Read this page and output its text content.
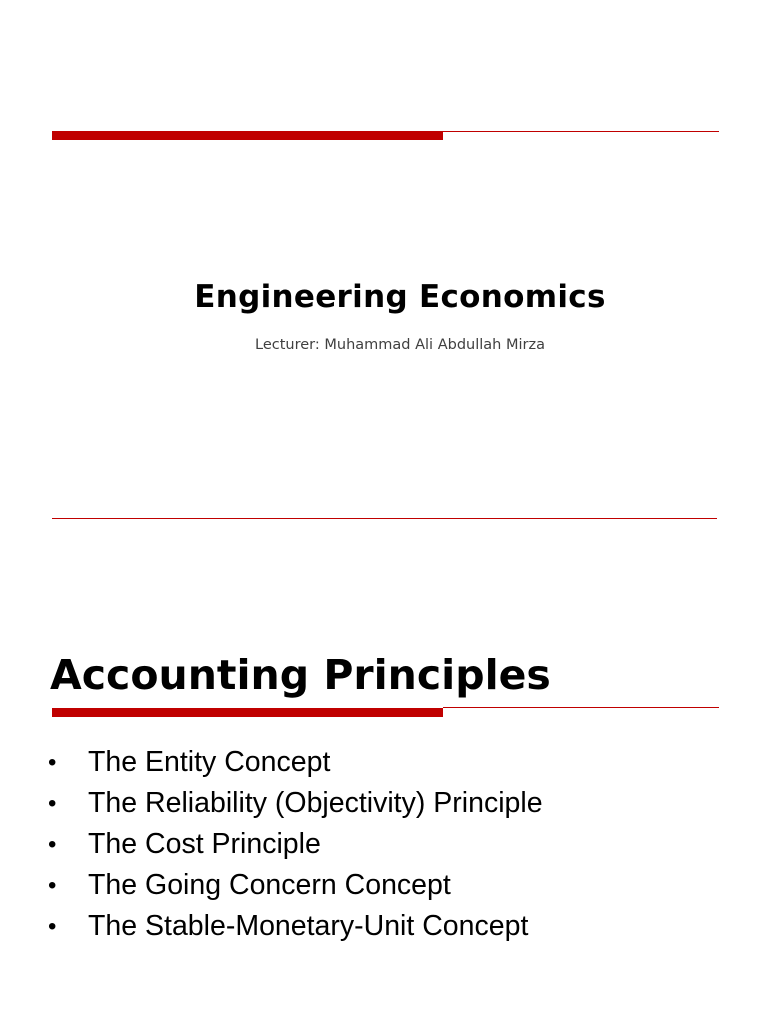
Engineering Economics
Lecturer: Muhammad Ali Abdullah Mirza
Accounting Principles
•	The Entity Concept
•	The Reliability (Objectivity) Principle
•	The Cost Principle
•	The Going Concern Concept
•	The Stable-Monetary-Unit Concept
